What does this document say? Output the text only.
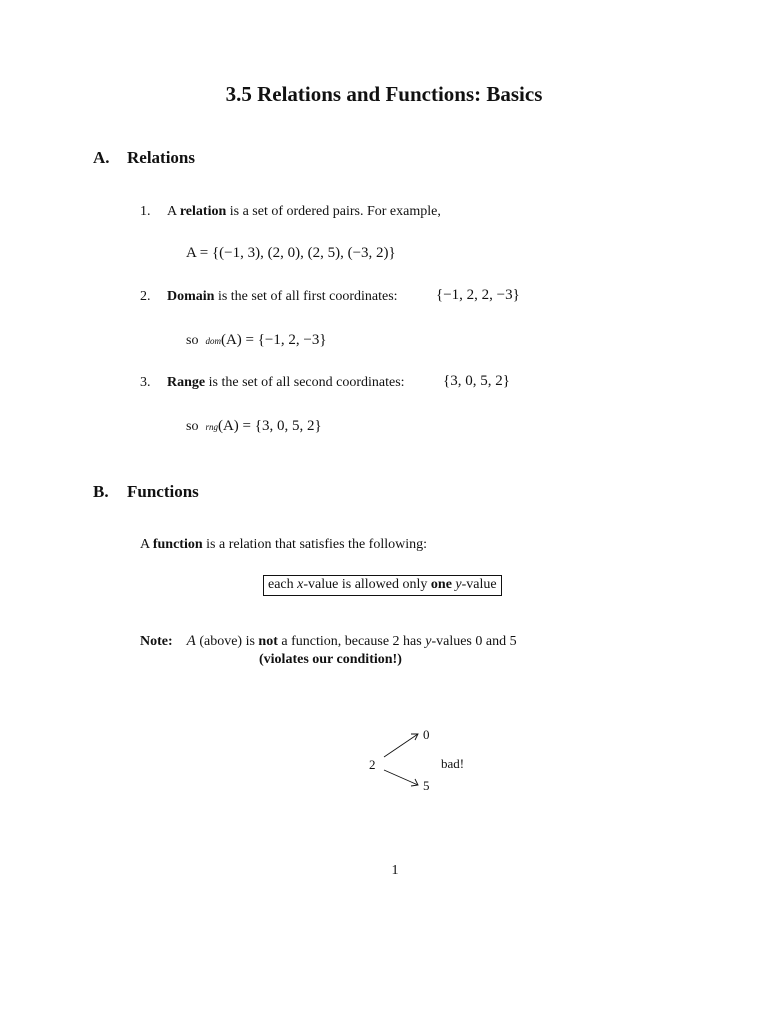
3.5 Relations and Functions: Basics
A. Relations
1. A relation is a set of ordered pairs. For example,
A = {(−1, 3), (2, 0), (2, 5), (−3, 2)}
2. Domain is the set of all first coordinates:	{−1, 2, 2, −3}
so dom(A) = {−1, 2, −3}
3. Range is the set of all second coordinates:	{3, 0, 5, 2}
so rng(A) = {3, 0, 5, 2}
B. Functions
A function is a relation that satisfies the following:
each x-value is allowed only one y-value
Note: A (above) is not a function, because 2 has y-values 0 and 5
(violates our condition!)
2
0
5
bad!
1
